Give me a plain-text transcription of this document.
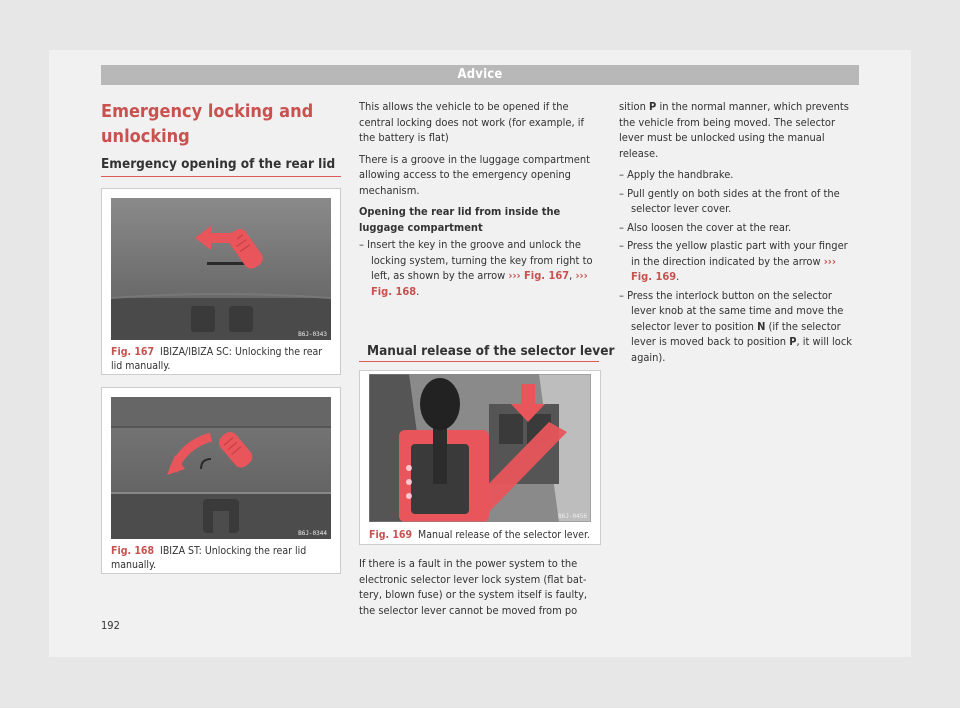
Advice
Emergency locking and unlocking
Emergency opening of the rear lid
B6J-0343
Fig. 167 IBIZA/IBIZA SC: Unlocking the rear lid manually.
B6J-0344
Fig. 168 IBIZA ST: Unlocking the rear lid manually.

This allows the vehicle to be opened if the central locking does not work (for example, if the battery is flat)

There is a groove in the luggage compartment allowing access to the emergency opening mechanism.

Opening the rear lid from inside the luggage compartment
– Insert the key in the groove and unlock the locking system, turning the key from right to left, as shown by the arrow ››› Fig. 167, ››› Fig. 168.
Manual release of the selector lever
B6J-0456
Fig. 169 Manual release of the selector lever.
If there is a fault in the power system to the electronic selector lever lock system (flat battery, blown fuse) or the system itself is faulty, the selector lever cannot be moved from po

sition P in the normal manner, which prevents the vehicle from being moved. The selector lever must be unlocked using the manual release.

– Apply the handbrake.
– Pull gently on both sides at the front of the selector lever cover.
– Also loosen the cover at the rear.
– Press the yellow plastic part with your finger in the direction indicated by the arrow ››› Fig. 169.
– Press the interlock button on the selector lever knob at the same time and move the selector lever to position N (if the selector lever is moved back to position P, it will lock again).
192
